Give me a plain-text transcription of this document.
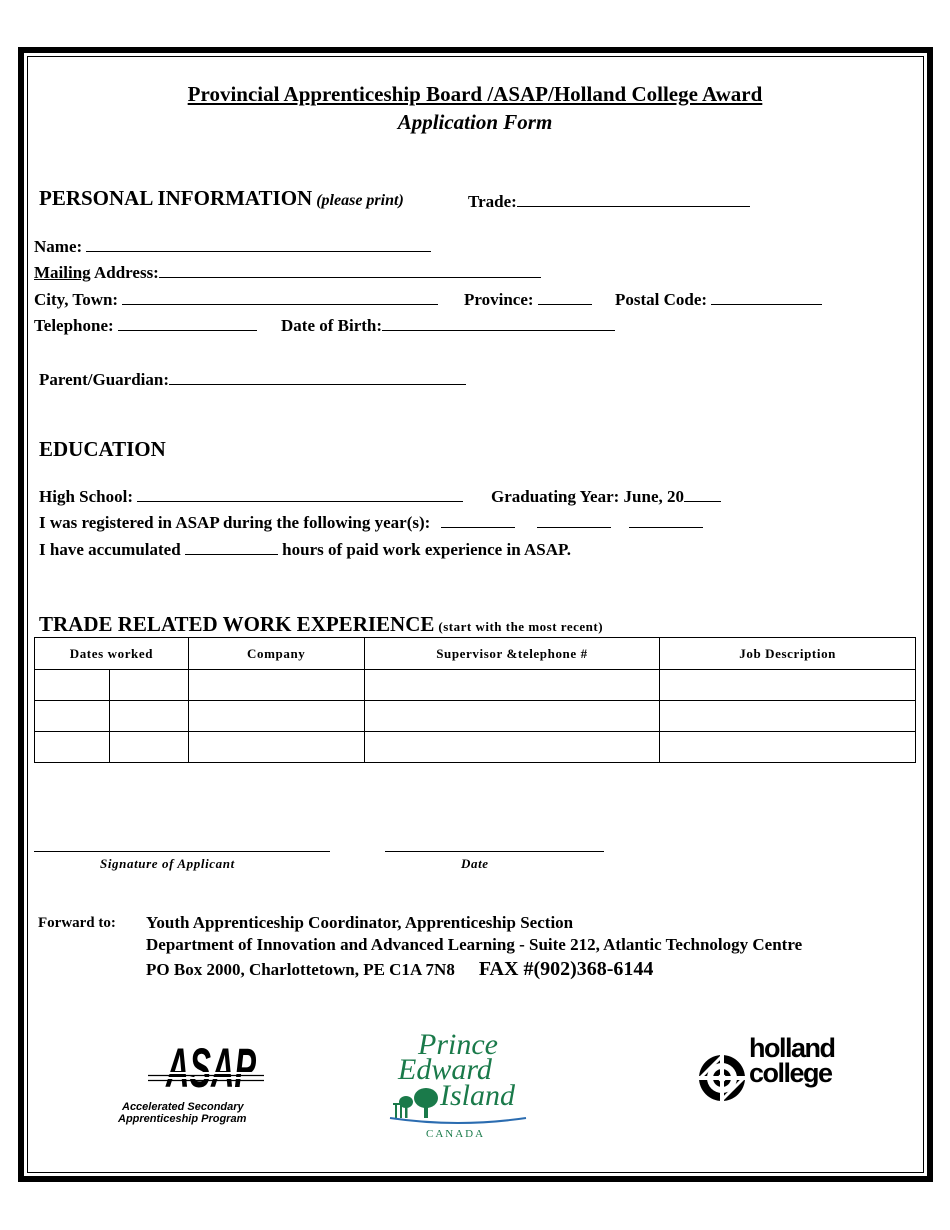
Provincial Apprenticeship Board /ASAP/Holland College Award
Application Form
PERSONAL INFORMATION (please print)	Trade:
Name:
Mailing Address:
City, Town:	Province:	Postal Code:
Telephone:	Date of Birth:
Parent/Guardian:
EDUCATION
High School:	Graduating Year: June, 20
I was registered in ASAP during the following year(s):
I have accumulated	hours of paid work experience in ASAP.
TRADE RELATED WORK EXPERIENCE (start with the most recent)
Dates worked		Company	Supervisor &telephone #	Job Description

Signature of Applicant	Date
Forward to: Youth Apprenticeship Coordinator, Apprenticeship Section
Department of Innovation and Advanced Learning - Suite 212, Atlantic Technology Centre
PO Box 2000, Charlottetown, PE C1A 7N8 FAX #(902)368-6144
ASAP
Accelerated Secondary
Apprenticeship Program
Prince
Edward
Island
CANADA
holland
college
